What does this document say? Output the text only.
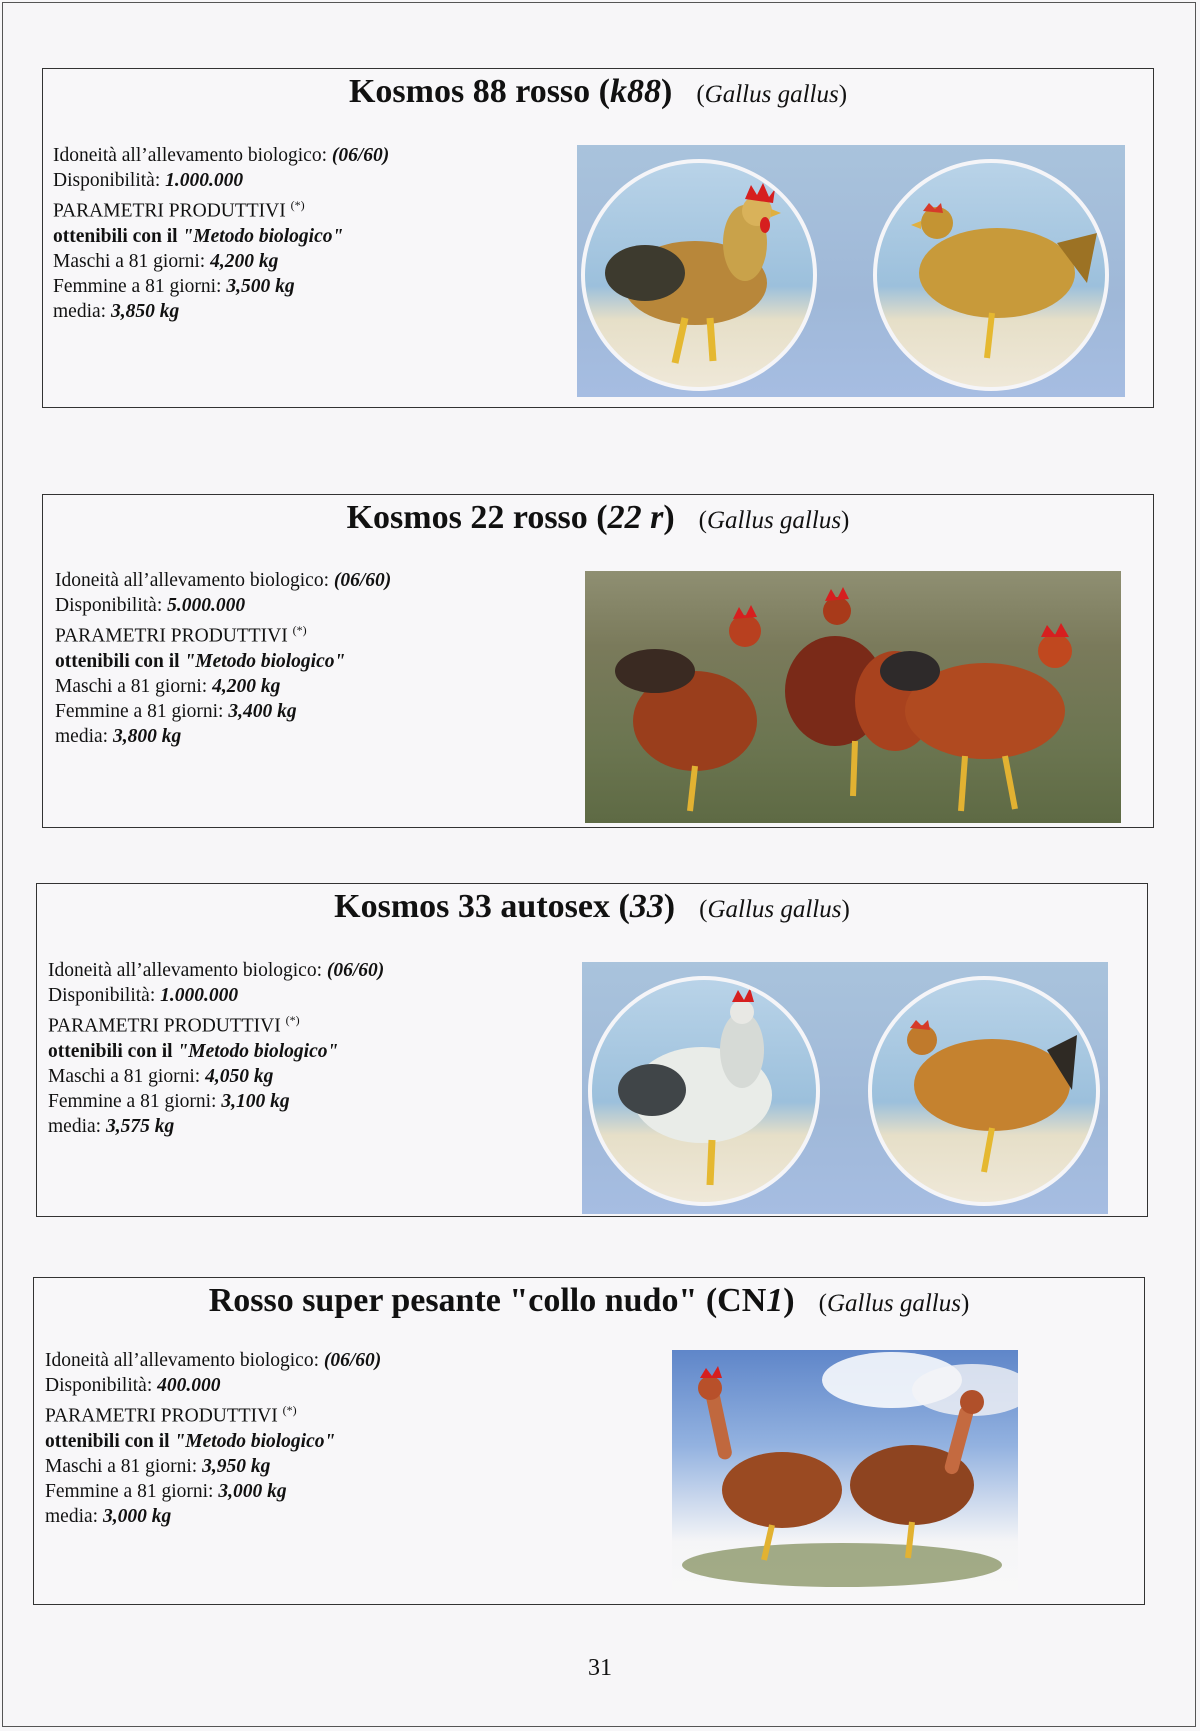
Kosmos 88 rosso (k88) (Gallus gallus)
Idoneità all’allevamento biologico: (06/60)
Disponibilità: 1.000.000
PARAMETRI PRODUTTIVI (*)
ottenibili con il "Metodo biologico"
Maschi a 81 giorni: 4,200 kg
Femmine a 81 giorni: 3,500 kg
media: 3,850 kg
Kosmos 22 rosso (22 r) (Gallus gallus)
Idoneità all’allevamento biologico: (06/60)
Disponibilità: 5.000.000
PARAMETRI PRODUTTIVI (*)
ottenibili con il "Metodo biologico"
Maschi a 81 giorni: 4,200 kg
Femmine a 81 giorni: 3,400 kg
media: 3,800 kg
Kosmos 33 autosex (33) (Gallus gallus)
Idoneità all’allevamento biologico: (06/60)
Disponibilità: 1.000.000
PARAMETRI PRODUTTIVI (*)
ottenibili con il "Metodo biologico"
Maschi a 81 giorni: 4,050 kg
Femmine a 81 giorni: 3,100 kg
media: 3,575 kg
Rosso super pesante "collo nudo" (CN1) (Gallus gallus)
Idoneità all’allevamento biologico: (06/60)
Disponibilità: 400.000
PARAMETRI PRODUTTIVI (*)
ottenibili con il "Metodo biologico"
Maschi a 81 giorni: 3,950 kg
Femmine a 81 giorni: 3,000 kg
media: 3,000 kg
31
